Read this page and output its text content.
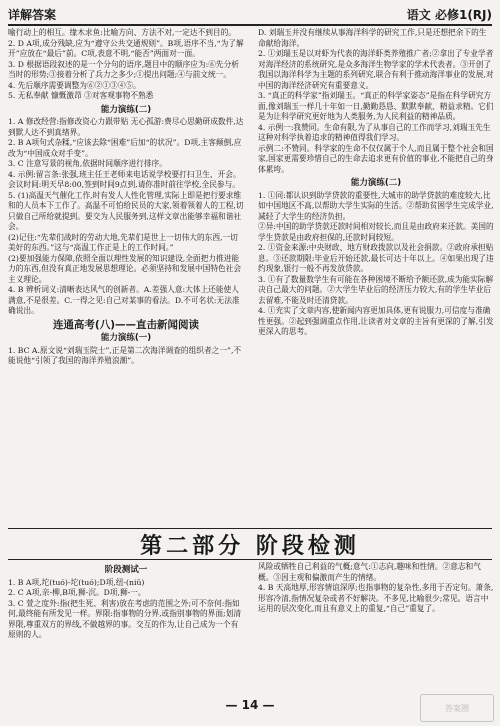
详解答案	语文 必修1(RJ)

喻行动上的相互。缘木求鱼:比喻方向、方法不对,一定达不到目的。

2. D A项,成分残缺,应为“遵守公共交通规则”。B项,语序不当,“为了解开”应放在“最后”前。C项,表意不明,“能否”两面对一面。

3. D 根据语段叙述的是一个分句的语序,题目中的顺序应为:⑥先分析当时的形势;③接着分析了兵力之多少;①提出问题;④与前文统一。

4. 先后顺序需要调整为⑥②①③④⑤。

5. 无私奉献 慷慨激昂 ③对客观事物不熟悉

能力演练(二)

1. A 修改经营:指修改资心力跟带贴 无心孤游:费尽心思勤研成数件,达到默人达不到真绪界。

2. B A项句式杂糅,“应该去除“困难”后加“的状况”。D项,主客颠倒,应改为“中国成众对手变”。

3. C 注意写景的视角,依据时间顺序进行排序。

4. 示例:留言条:张强,班主任王老师来电话说学校要打扫卫生、开会。会议时间:明天早8:00,签到时间9点到,请你准时前往学校,全民参与。

5. (1)高温天气催化工作,时有发人人性化管理,实际上即是把行要求维和的人员本下工作了。高温不可怕给民员的大家,领着领着人的工程,切只做自己所给就提到。要交为人民服务到,这样文章出能够幸福和谐社会。

(2)记住:“先辈们战时的劳动大地,先辈们是世上一切伟大的东西,一切美好的东西。”这与“高温工作正是上的工作时间。”

(2)要加强能力保障,依照全面以理性发展的知识建设,全面把力推进能力的东西,但没有真正地发展思想理论。必须坚持和发展中国特色社会主义理论。

4. B 辨析词义:清晰表达风气的创新者。A.差强人意:大体上还能使人满意,不是很差。C.一得之见:自己对某事的看法。D.不可名状:无法准确说出。

连通高考(八)——直击新闻阅读
能力演练(一)

1. BC A.原文说“刘瑞玉院士”,正是第二次海洋调查的组织者之一”,不能说他“引领了我国的海洋养殖浪潮”。

D. 刘瑞玉并没有继续从事海洋科学的研究工作,只是还想把余下的生命献给海洋。

2. ①刘瑞玉是以对虾为代表的海洋虾类养殖推广者;②拿出了专业学者对海洋经济的系统研究,是众多海洋生物学家的学术代表者。③开创了我国以海洋科学为主题的系列研究,联合有利于推动海洋事业的发展,对中国的海洋经济研究有重要意义。

3. “真正的科学家”指刘瑞玉。“真正的科学家姿态”是指在科学研究方面,像刘瑞玉一样几十年如一日,勤勤恳恳、默默奉献、精益求精。它们是为让科学研究更好地为人类服务,为人民利益的精神品质。

4. 示例一:我赞同。生命有限,为了从事自己的工作而学习,刘瑞玉先生这种对科学执着追求的精神值得我们学习。

示例二:不赞同。科学家的生命不仅仅属于个人,而且属于整个社会和国家,国家更需要珍惜自己的生命去追求更有价值的事业,不能把自己的身体累垮。

能力演练(二)

1. ①同:都认识到助学贷款的重要性,大城市的助学贷款的难度较大,比如中国地区不高,以帮助大学生实际的生活。②帮助贫困学生完成学业,减轻了大学生的经济负担。

②异:中国的助学贷款还款时间相对较长,而且是由政府来还款。美国的学生贷款是由政府担保的,还款时间较短。

2. ①资金来源:中央财政、地方财政拨款以及社会捐款。②政府承担贴息。③还款期限:毕业后开始还款,最长可达十年以上。④如果出现了违约现象,银行一般不再发放贷款。

3. ①有了数量数学生有可能在各种困境不断给予额还款,成为能实际解决自己最大的问题。②大学生毕业后的经济压力较大,有的学生毕业后去留难,不能及时还清贷款。

4. ①充实了文章内容,使新闻内容更加具体,更有说服力,可信度与准确性更强。②起到强调重点作用,让读者对文章的主旨有更深的了解,引发更深入的思考。

第二部分 阶段检测
阶段测试一

1. B A项,坨(tuó)-坨(tuó);D项,纽-(niǔ)

2. C A项,亲-柳,B项,狮-沉。D项,狮-一。

3. C 萱之度外:指(把生死、利害)放在考虑的范围之外;可不奈何:指如何,最终能有所发见一样。界限:指事物的分界,或指别事物的界面;划清界限,尊重双方的界线,不做越界的事。交互的作为,让自己成为一个有原则的人。

风险或牺牲自己利益的气概;意气:①志向,趣味和性情。②意志和气概。③因主观和偏激而产生的情绪。

4. B 天高地厚,形容情谊深厚;也指事物的复杂性,多用于否定句。萧条,形容冷清,指情况复杂或者不好解决。不多见,比喻很少;常见。语言中运用的层次变化,而且有意义上的重复,“自己”重复了。

— 14 —	答案圈
